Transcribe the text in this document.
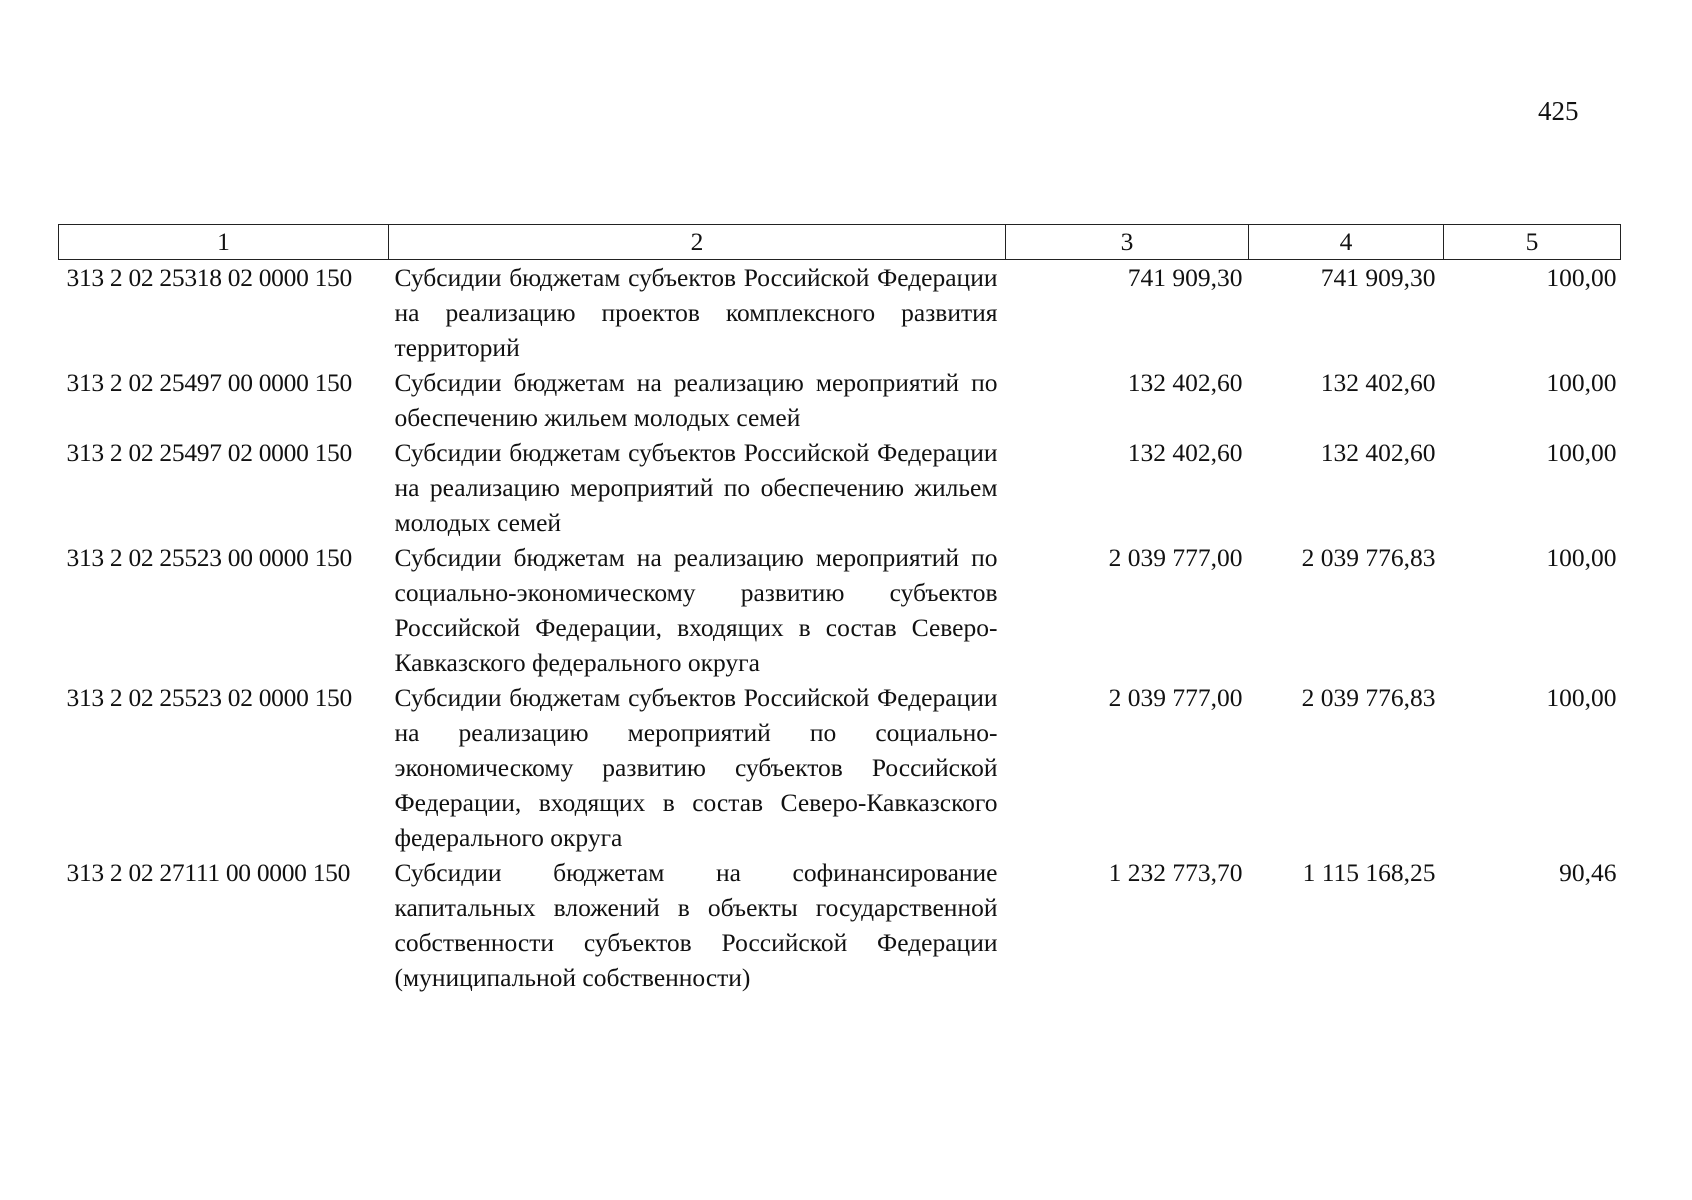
425
1	2	3	4	5
313 2 02 25318 02 0000 150	Субсидии бюджетам субъектов Российской Федерации на реализацию проектов комплексного развития территорий	741 909,30	741 909,30	100,00
313 2 02 25497 00 0000 150	Субсидии бюджетам на реализацию мероприятий по обеспечению жильем молодых семей	132 402,60	132 402,60	100,00
313 2 02 25497 02 0000 150	Субсидии бюджетам субъектов Российской Федерации на реализацию мероприятий по обеспечению жильем молодых семей	132 402,60	132 402,60	100,00
313 2 02 25523 00 0000 150	Субсидии бюджетам на реализацию мероприятий по социально-экономическому развитию субъектов Российской Федерации, входящих в состав Северо-Кавказского федерального округа	2 039 777,00	2 039 776,83	100,00
313 2 02 25523 02 0000 150	Субсидии бюджетам субъектов Российской Федерации на реализацию мероприятий по социально-экономическому развитию субъектов Российской Федерации, входящих в состав Северо-Кавказского федерального округа	2 039 777,00	2 039 776,83	100,00
313 2 02 27111 00 0000 150	Субсидии бюджетам на софинансирование капитальных вложений в объекты государственной собственности субъектов Российской Федерации (муниципальной собственности)	1 232 773,70	1 115 168,25	90,46
